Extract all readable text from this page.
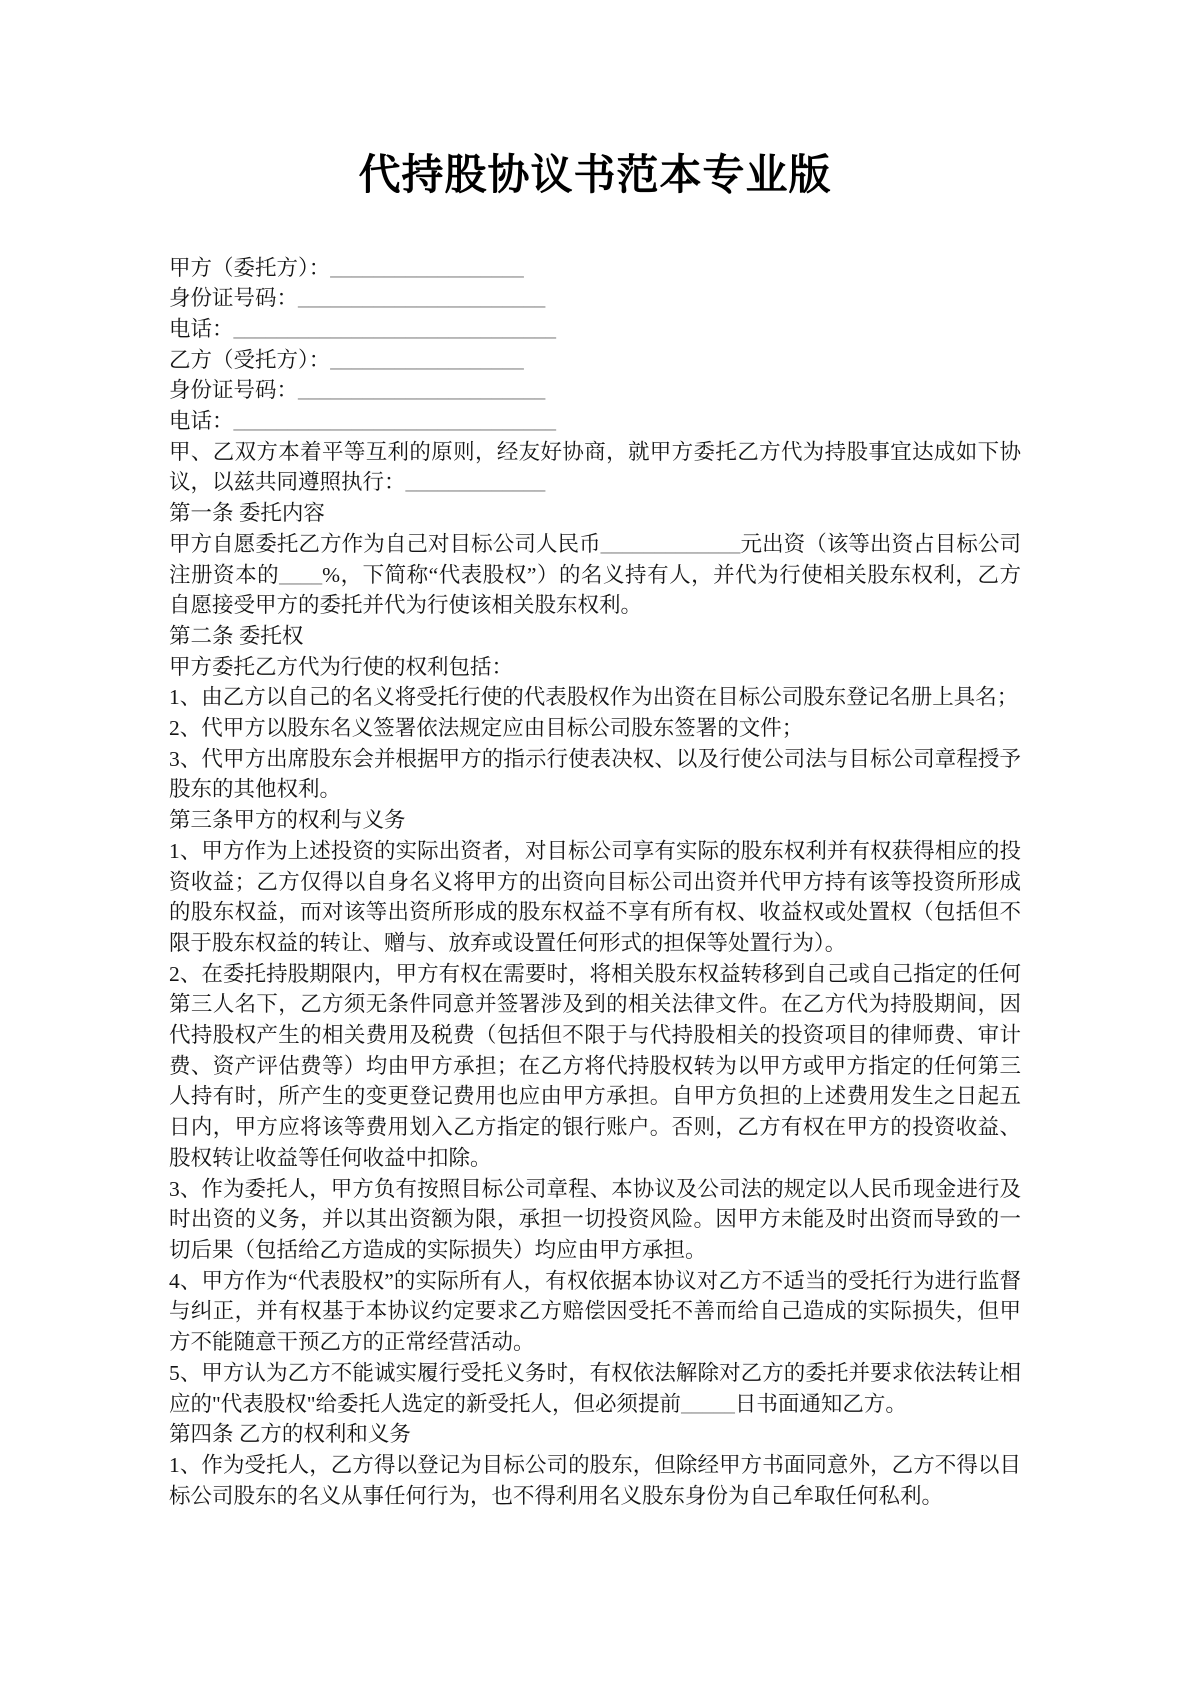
代持股协议书范本专业版

甲方（委托方）：__________________

身份证号码：_______________________

电话：______________________________

乙方（受托方）：__________________

身份证号码：_______________________

电话：______________________________

甲、乙双方本着平等互利的原则，经友好协商，就甲方委托乙方代为持股事宜达成如下协议，以兹共同遵照执行：_____________

第一条 委托内容

甲方自愿委托乙方作为自己对目标公司人民币_____________元出资（该等出资占目标公司注册资本的____%，下简称“代表股权”）的名义持有人，并代为行使相关股东权利，乙方自愿接受甲方的委托并代为行使该相关股东权利。

第二条 委托权

甲方委托乙方代为行使的权利包括：

1、由乙方以自己的名义将受托行使的代表股权作为出资在目标公司股东登记名册上具名；

2、代甲方以股东名义签署依法规定应由目标公司股东签署的文件；

3、代甲方出席股东会并根据甲方的指示行使表决权、以及行使公司法与目标公司章程授予股东的其他权利。

第三条甲方的权利与义务

1、甲方作为上述投资的实际出资者，对目标公司享有实际的股东权利并有权获得相应的投资收益；乙方仅得以自身名义将甲方的出资向目标公司出资并代甲方持有该等投资所形成的股东权益，而对该等出资所形成的股东权益不享有所有权、收益权或处置权（包括但不限于股东权益的转让、赠与、放弃或设置任何形式的担保等处置行为）。

2、在委托持股期限内，甲方有权在需要时，将相关股东权益转移到自己或自己指定的任何第三人名下，乙方须无条件同意并签署涉及到的相关法律文件。在乙方代为持股期间，因代持股权产生的相关费用及税费（包括但不限于与代持股相关的投资项目的律师费、审计费、资产评估费等）均由甲方承担；在乙方将代持股权转为以甲方或甲方指定的任何第三人持有时，所产生的变更登记费用也应由甲方承担。自甲方负担的上述费用发生之日起五日内，甲方应将该等费用划入乙方指定的银行账户。否则，乙方有权在甲方的投资收益、股权转让收益等任何收益中扣除。

3、作为委托人，甲方负有按照目标公司章程、本协议及公司法的规定以人民币现金进行及时出资的义务，并以其出资额为限，承担一切投资风险。因甲方未能及时出资而导致的一切后果（包括给乙方造成的实际损失）均应由甲方承担。

4、甲方作为“代表股权”的实际所有人，有权依据本协议对乙方不适当的受托行为进行监督与纠正，并有权基于本协议约定要求乙方赔偿因受托不善而给自己造成的实际损失，但甲方不能随意干预乙方的正常经营活动。

5、甲方认为乙方不能诚实履行受托义务时，有权依法解除对乙方的委托并要求依法转让相应的"代表股权"给委托人选定的新受托人，但必须提前_____日书面通知乙方。

第四条 乙方的权利和义务

1、作为受托人，乙方得以登记为目标公司的股东，但除经甲方书面同意外，乙方不得以目标公司股东的名义从事任何行为，也不得利用名义股东身份为自己牟取任何私利。
